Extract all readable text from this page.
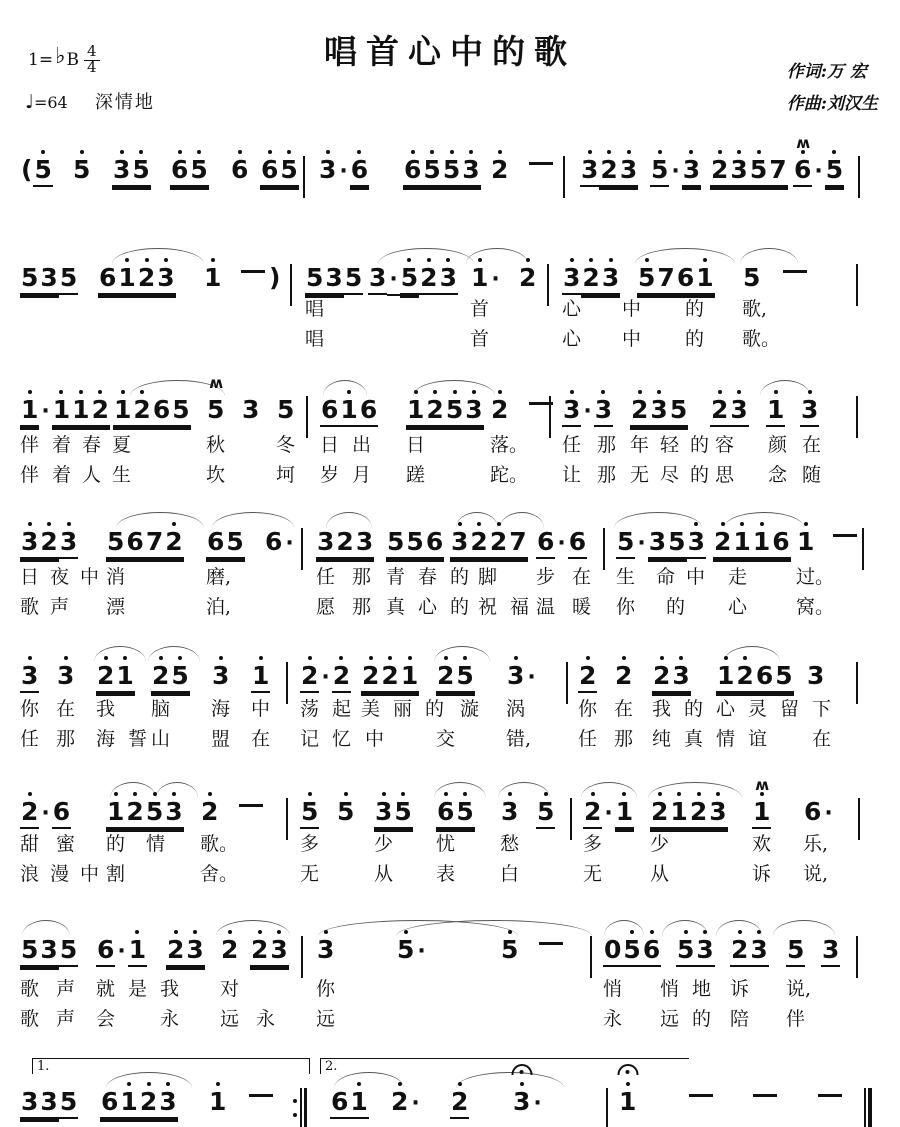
唱首心中的歌
1= ♭ B $\frac{4}{4}$
♩=64 深情地
作词:万 宏
作曲:刘汉生
(5 5 3
5 6
5 6 6
5 3 · 6 6
5
5
3 2	3
2
3 5 · 3 2
3
5
7 6
ʍ
· 5
535 61
2
3 1 ) 535 3 · 5
2
3 1 · 2 3
2
3 5
761 5
唱	首	心 中 的 歌,
唱	首	心 中 的 歌。
1 · 1
1
2 1
2
65 5
ʍ
3 5 61
6 1
2
5
3 2 3 · 3 2
3
5 2
3 1 3
伴 着 春 夏	秋	冬 日 出 日	落。 任 那 年 轻 的 容 颜 在
伴 着 人 生	坎	坷 岁 月 蹉	跎。 让 那 无 尽 的 思 念 随
3
2
3 5672 65 6 · 323 556 3
2
2
7 6 · 6 5 · 353 2
1
1
6 1
日 夜 中 消	磨,	任 那 青 春 的 脚 步 在 生 命 中 走	过。
歌 声 漂	泊,	愿 那 真 心 的 祝 福 温 暖 你 的 心	窝。
3 3 2
1 2
5 3 1 2 · 2 2
2
1 2
5 3 · 2 2 2
3 1
2
65 3
你 在 我 脑 海 中 荡 起 美 丽 的 漩 涡	你 在 我 的 心 灵 留 下
任 那 海 誓 山 盟 在 记 忆 中	交	错, 任 那 纯 真 情 谊 在
2 · 6 1
2
5
3 2	5 5 3
5 6
5 3 5 2 · 1 2
1
2
3 1
ʍ
6 ·
甜 蜜 的 情 歌。	多	少 忧 愁	多	少	欢 乐,
浪 漫 中 割	舍。	无	从 表 白	无	从	诉 说,
535 6 · 1 2
3 2 2
3 3	5 ·	5	05
6 5
3 2
3 5 3
歌 声 就 是 我 对	你	悄 悄 地 诉 说,
歌 声 会 永 远 永 远	永 远 的 陪 伴
1.	2.
335 61
2
3 1	61 2 · 2 3 ·	1
